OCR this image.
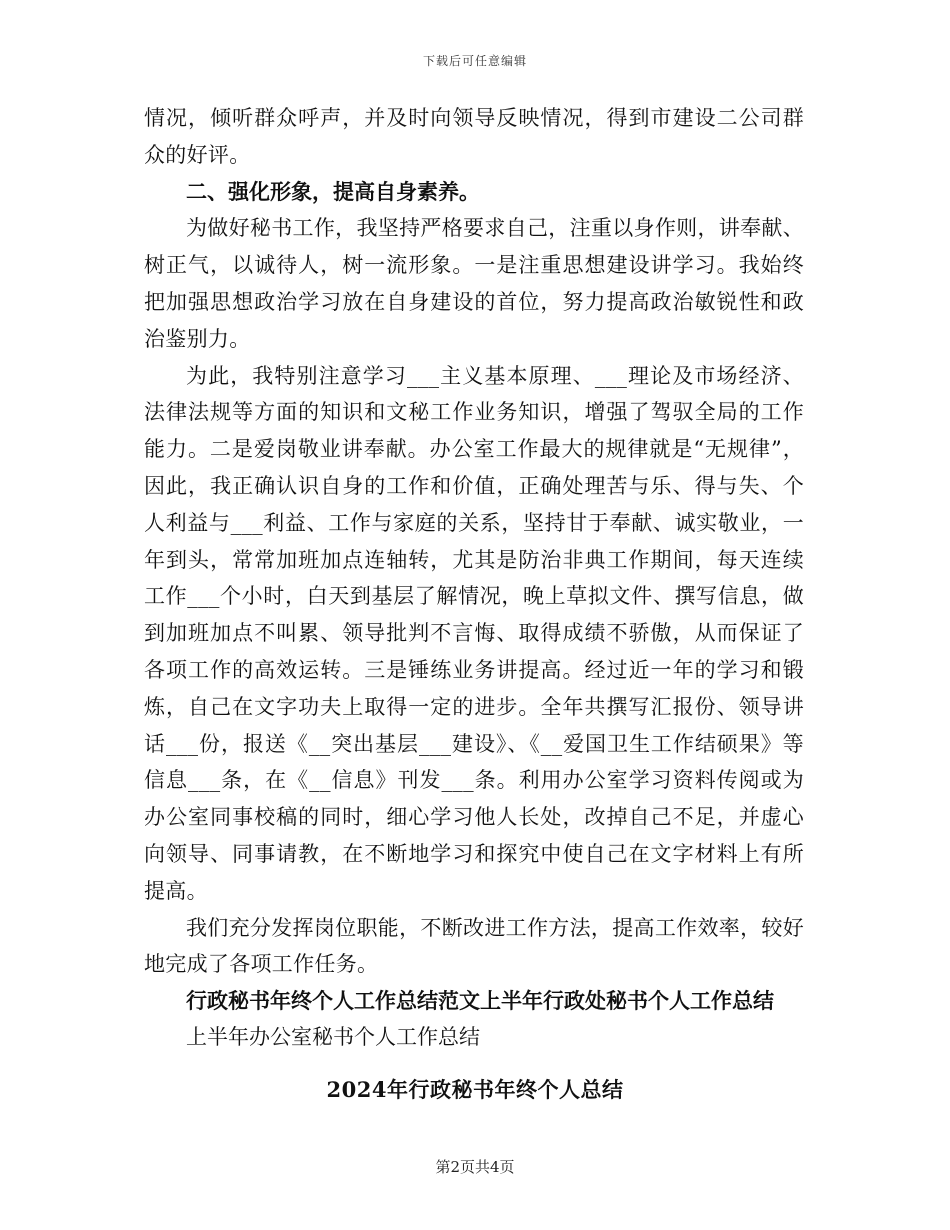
下载后可任意编辑

情况，倾听群众呼声，并及时向领导反映情况，得到市建设二公司群众的好评。

二、强化形象，提高自身素养。

为做好秘书工作，我坚持严格要求自己，注重以身作则，讲奉献、树正气，以诚待人，树一流形象。一是注重思想建设讲学习。我始终把加强思想政治学习放在自身建设的首位，努力提高政治敏锐性和政治鉴别力。

为此，我特别注意学习___主义基本原理、___理论及市场经济、法律法规等方面的知识和文秘工作业务知识，增强了驾驭全局的工作能力。二是爱岗敬业讲奉献。办公室工作最大的规律就是“无规律”，因此，我正确认识自身的工作和价值，正确处理苦与乐、得与失、个人利益与___利益、工作与家庭的关系，坚持甘于奉献、诚实敬业，一年到头，常常加班加点连轴转，尤其是防治非典工作期间，每天连续工作___个小时，白天到基层了解情况，晚上草拟文件、撰写信息，做到加班加点不叫累、领导批判不言悔、取得成绩不骄傲，从而保证了各项工作的高效运转。三是锤练业务讲提高。经过近一年的学习和锻炼，自己在文字功夫上取得一定的进步。全年共撰写汇报份、领导讲话___份，报送《__突出基层___建设》、《__爱国卫生工作结硕果》等信息___条，在《__信息》刊发___条。利用办公室学习资料传阅或为办公室同事校稿的同时，细心学习他人长处，改掉自己不足，并虚心向领导、同事请教，在不断地学习和探究中使自己在文字材料上有所提高。

我们充分发挥岗位职能，不断改进工作方法，提高工作效率，较好地完成了各项工作任务。

行政秘书年终个人工作总结范文上半年行政处秘书个人工作总结

上半年办公室秘书个人工作总结

2024年行政秘书年终个人总结
第2页共4页
